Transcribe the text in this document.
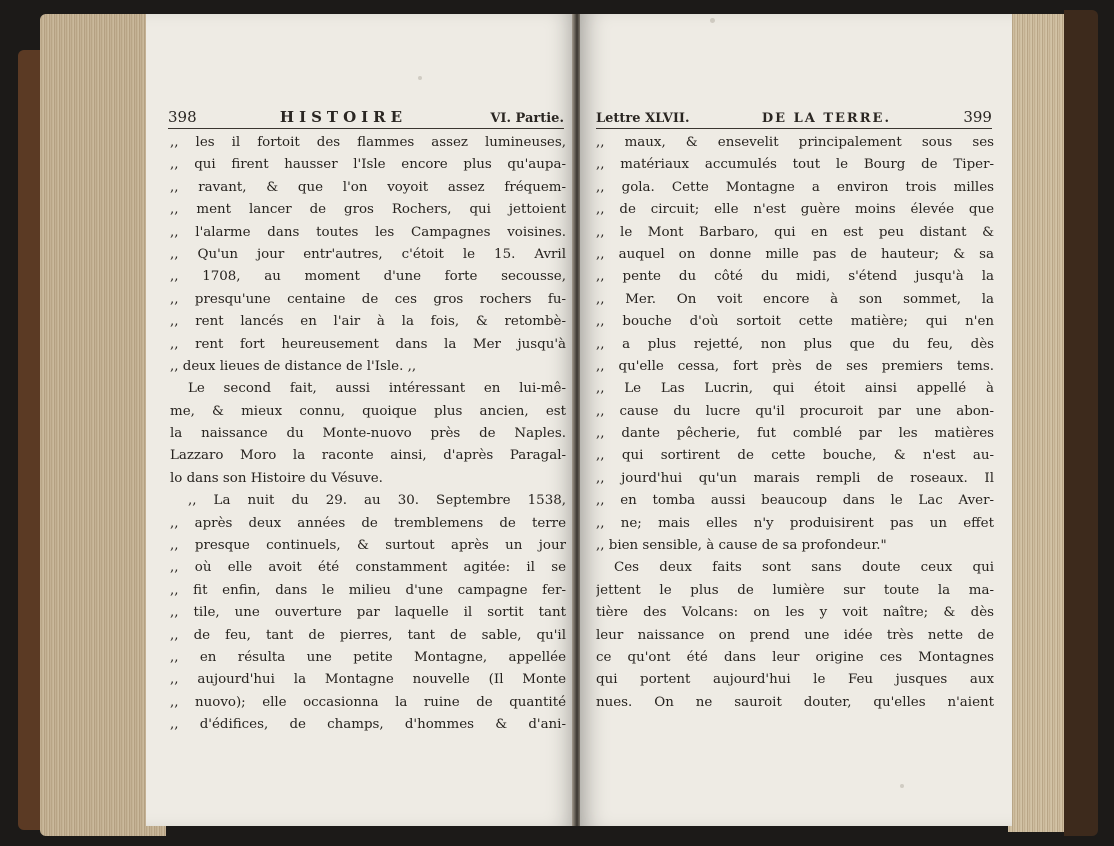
398	HISTOIRE	VI. Partie.
,, les il fortoit des flammes assez lumineuses,
,, qui firent hausser l'Isle encore plus qu'aupa-
,, ravant, & que l'on voyoit assez fréquem-
,, ment lancer de gros Rochers, qui jettoient
,, l'alarme dans toutes les Campagnes voisines.
,, Qu'un jour entr'autres, c'étoit le 15. Avril
,, 1708, au moment d'une forte secousse,
,, presqu'une centaine de ces gros rochers fu-
,, rent lancés en l'air à la fois, & retombè-
,, rent fort heureusement dans la Mer jusqu'à
,, deux lieues de distance de l'Isle. ,,
Le second fait, aussi intéressant en lui-mê-
me, & mieux connu, quoique plus ancien, est
la naissance du Monte-nuovo près de Naples.
Lazzaro Moro la raconte ainsi, d'après Paragal-
lo dans son Histoire du Vésuve.
,, La nuit du 29. au 30. Septembre 1538,
,, après deux années de tremblemens de terre
,, presque continuels, & surtout après un jour
,, où elle avoit été constamment agitée: il se
,, fit enfin, dans le milieu d'une campagne fer-
,, tile, une ouverture par laquelle il sortit tant
,, de feu, tant de pierres, tant de sable, qu'il
,, en résulta une petite Montagne, appellée
,, aujourd'hui la Montagne nouvelle (Il Monte
,, nuovo); elle occasionna la ruine de quantité
,, d'édifices, de champs, d'hommes & d'ani-
Lettre XLVII.	DE LA TERRE.	399
,, maux, & ensevelit principalement sous ses
,, matériaux accumulés tout le Bourg de Tiper-
,, gola. Cette Montagne a environ trois milles
,, de circuit; elle n'est guère moins élevée que
,, le Mont Barbaro, qui en est peu distant &
,, auquel on donne mille pas de hauteur; & sa
,, pente du côté du midi, s'étend jusqu'à la
,, Mer. On voit encore à son sommet, la
,, bouche d'où sortoit cette matière; qui n'en
,, a plus rejetté, non plus que du feu, dès
,, qu'elle cessa, fort près de ses premiers tems.
,, Le Las Lucrin, qui étoit ainsi appellé à
,, cause du lucre qu'il procuroit par une abon-
,, dante pêcherie, fut comblé par les matières
,, qui sortirent de cette bouche, & n'est au-
,, jourd'hui qu'un marais rempli de roseaux. Il
,, en tomba aussi beaucoup dans le Lac Aver-
,, ne; mais elles n'y produisirent pas un effet
,, bien sensible, à cause de sa profondeur."
Ces deux faits sont sans doute ceux qui
jettent le plus de lumière sur toute la ma-
tière des Volcans: on les y voit naître; & dès
leur naissance on prend une idée très nette de
ce qu'ont été dans leur origine ces Montagnes
qui portent aujourd'hui le Feu jusques aux
nues. On ne sauroit douter, qu'elles n'aient
